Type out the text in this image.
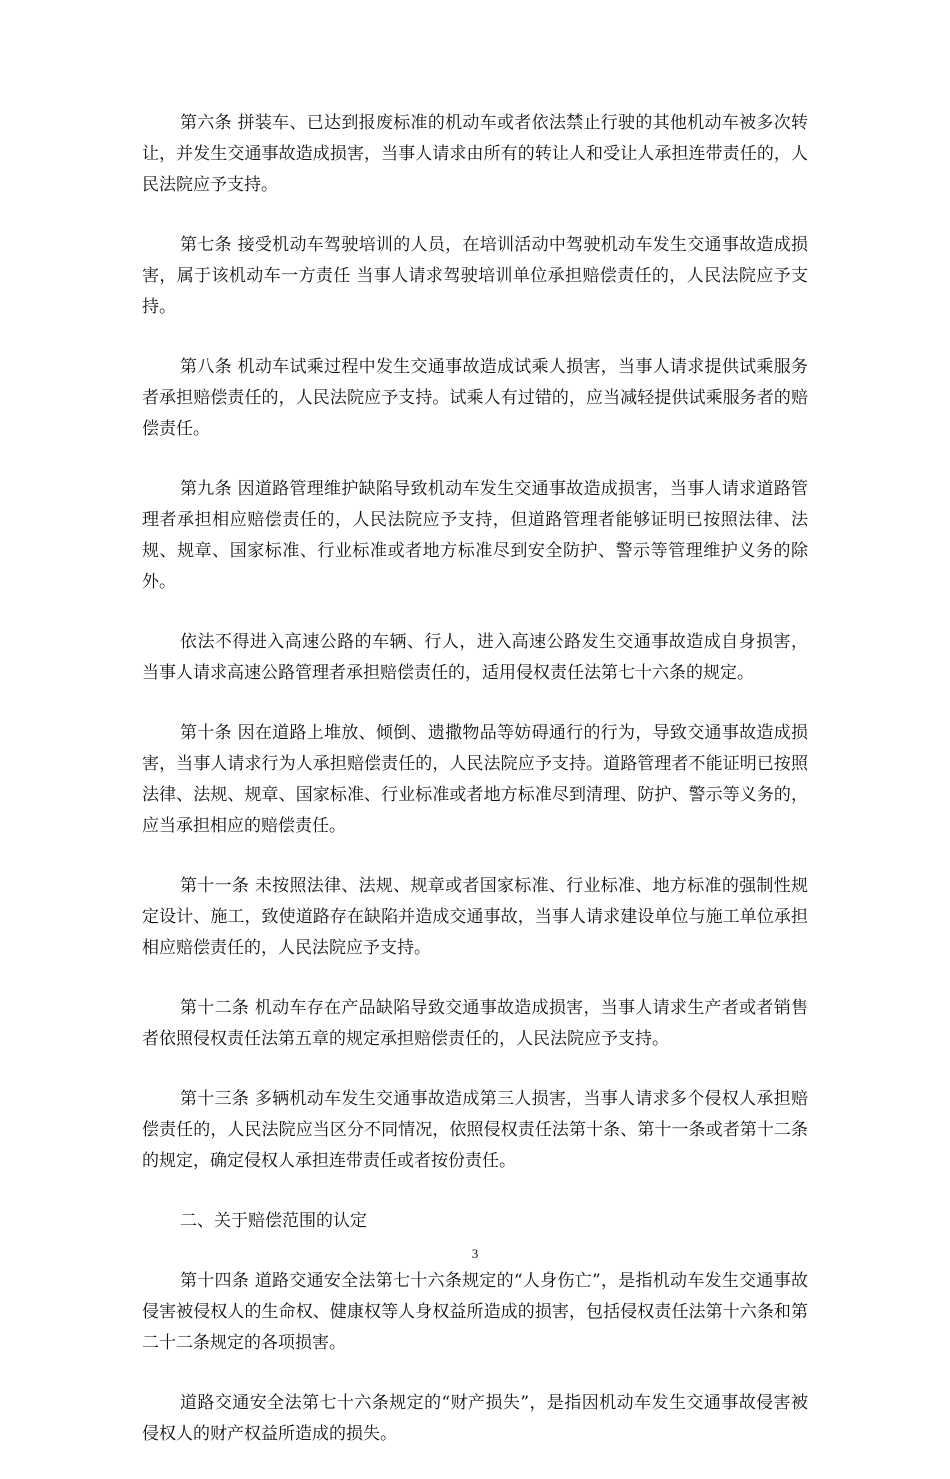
第六条 拼装车、已达到报废标准的机动车或者依法禁止行驶的其他机动车被多次转让，并发生交通事故造成损害，当事人请求由所有的转让人和受让人承担连带责任的，人民法院应予支持。

第七条 接受机动车驾驶培训的人员，在培训活动中驾驶机动车发生交通事故造成损害，属于该机动车一方责任 当事人请求驾驶培训单位承担赔偿责任的，人民法院应予支持。

第八条 机动车试乘过程中发生交通事故造成试乘人损害，当事人请求提供试乘服务者承担赔偿责任的，人民法院应予支持。试乘人有过错的，应当减轻提供试乘服务者的赔偿责任。

第九条 因道路管理维护缺陷导致机动车发生交通事故造成损害，当事人请求道路管理者承担相应赔偿责任的，人民法院应予支持，但道路管理者能够证明已按照法律、法规、规章、国家标准、行业标准或者地方标准尽到安全防护、警示等管理维护义务的除外。

依法不得进入高速公路的车辆、行人，进入高速公路发生交通事故造成自身损害，当事人请求高速公路管理者承担赔偿责任的，适用侵权责任法第七十六条的规定。

第十条 因在道路上堆放、倾倒、遗撒物品等妨碍通行的行为，导致交通事故造成损害，当事人请求行为人承担赔偿责任的，人民法院应予支持。道路管理者不能证明已按照法律、法规、规章、国家标准、行业标准或者地方标准尽到清理、防护、警示等义务的，应当承担相应的赔偿责任。

第十一条 未按照法律、法规、规章或者国家标准、行业标准、地方标准的强制性规定设计、施工，致使道路存在缺陷并造成交通事故，当事人请求建设单位与施工单位承担相应赔偿责任的，人民法院应予支持。

第十二条 机动车存在产品缺陷导致交通事故造成损害，当事人请求生产者或者销售者依照侵权责任法第五章的规定承担赔偿责任的，人民法院应予支持。

第十三条 多辆机动车发生交通事故造成第三人损害，当事人请求多个侵权人承担赔偿责任的，人民法院应当区分不同情况，依照侵权责任法第十条、第十一条或者第十二条的规定，确定侵权人承担连带责任或者按份责任。

二、关于赔偿范围的认定

第十四条 道路交通安全法第七十六条规定的“人身伤亡”，是指机动车发生交通事故侵害被侵权人的生命权、健康权等人身权益所造成的损害，包括侵权责任法第十六条和第二十二条规定的各项损害。

道路交通安全法第七十六条规定的“财产损失”，是指因机动车发生交通事故侵害被侵权人的财产权益所造成的损失。

3
